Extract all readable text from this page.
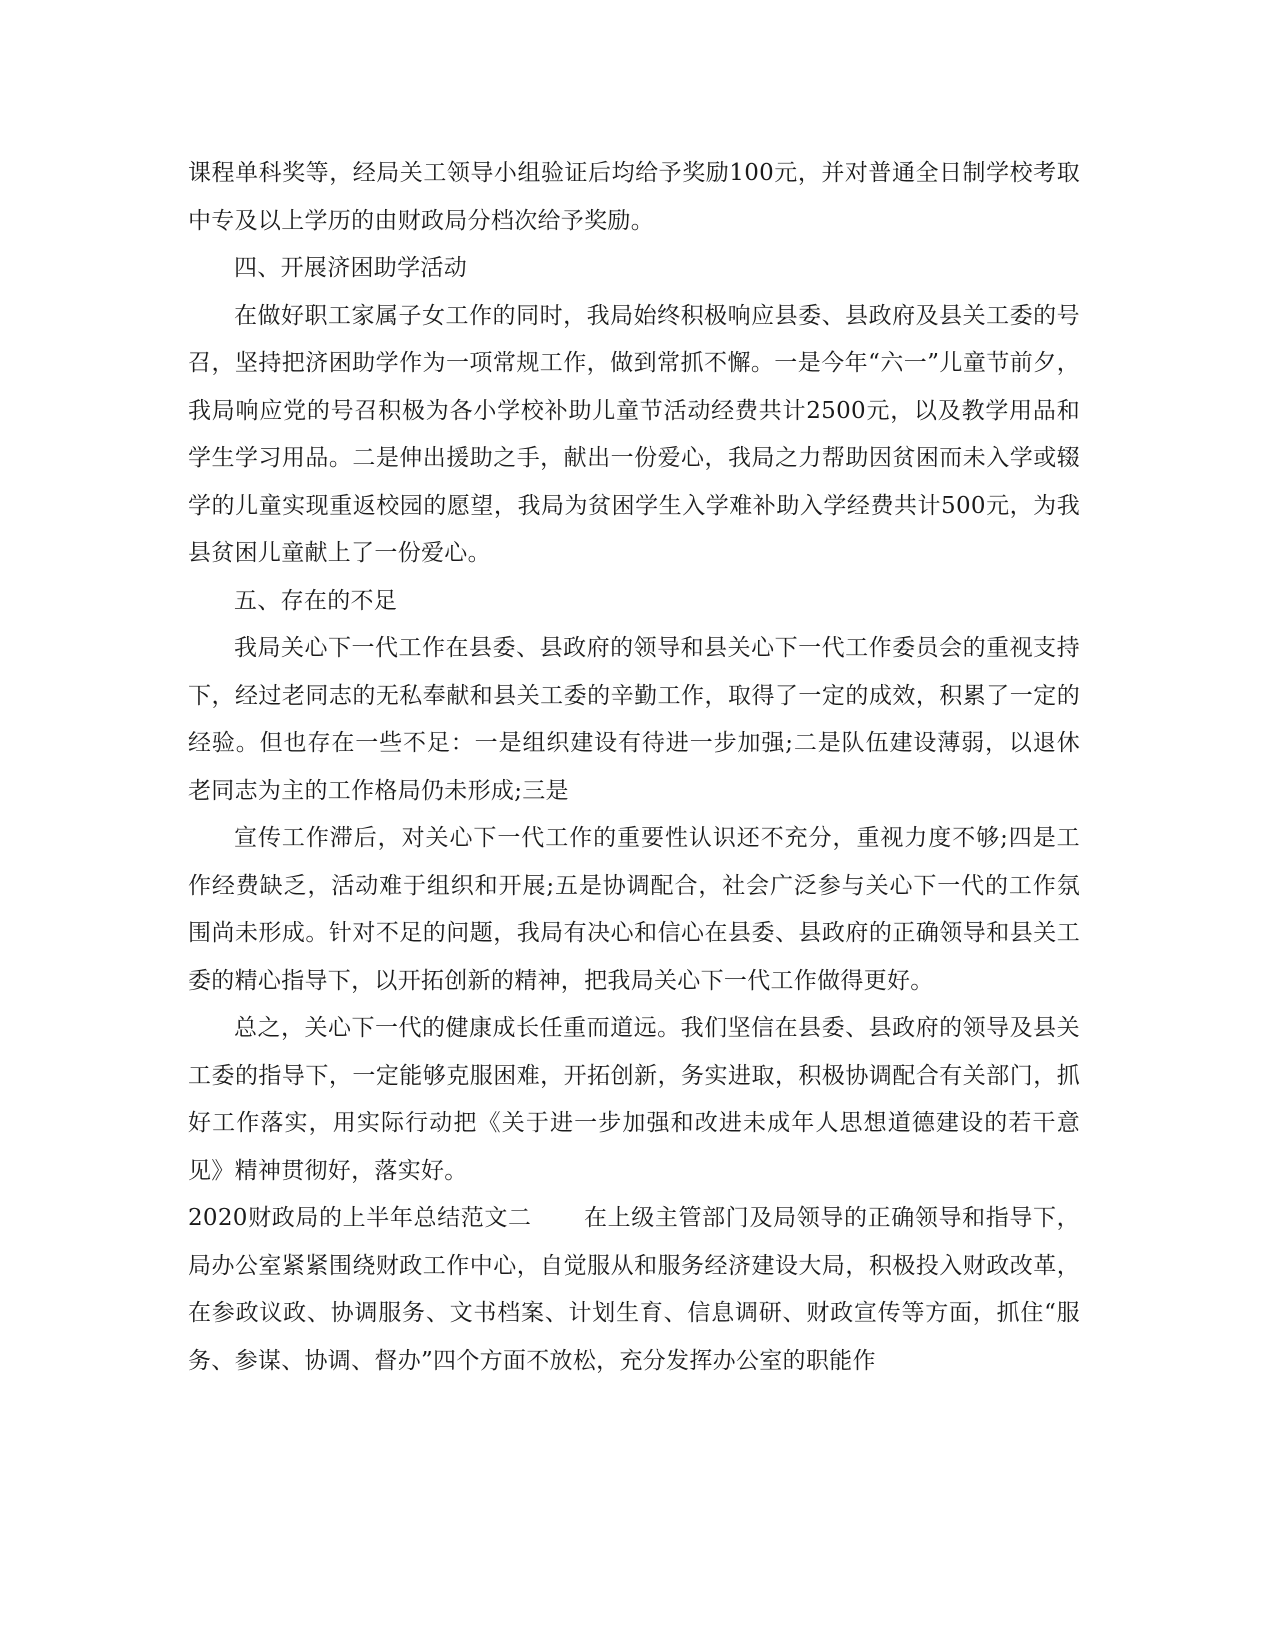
课程单科奖等，经局关工领导小组验证后均给予奖励100元，并对普通全日制学校考取中专及以上学历的由财政局分档次给予奖励。

四、开展济困助学活动

在做好职工家属子女工作的同时，我局始终积极响应县委、县政府及县关工委的号召，坚持把济困助学作为一项常规工作，做到常抓不懈。一是今年“六一”儿童节前夕，我局响应党的号召积极为各小学校补助儿童节活动经费共计2500元，以及教学用品和学生学习用品。二是伸出援助之手，献出一份爱心，我局之力帮助因贫困而未入学或辍学的儿童实现重返校园的愿望，我局为贫困学生入学难补助入学经费共计500元，为我县贫困儿童献上了一份爱心。

五、存在的不足

我局关心下一代工作在县委、县政府的领导和县关心下一代工作委员会的重视支持下，经过老同志的无私奉献和县关工委的辛勤工作，取得了一定的成效，积累了一定的经验。但也存在一些不足：一是组织建设有待进一步加强;二是队伍建设薄弱，以退休老同志为主的工作格局仍未形成;三是

宣传工作滞后，对关心下一代工作的重要性认识还不充分，重视力度不够;四是工作经费缺乏，活动难于组织和开展;五是协调配合，社会广泛参与关心下一代的工作氛围尚未形成。针对不足的问题，我局有决心和信心在县委、县政府的正确领导和县关工委的精心指导下，以开拓创新的精神，把我局关心下一代工作做得更好。

总之，关心下一代的健康成长任重而道远。我们坚信在县委、县政府的领导及县关工委的指导下，一定能够克服困难，开拓创新，务实进取，积极协调配合有关部门，抓好工作落实，用实际行动把《关于进一步加强和改进未成年人思想道德建设的若干意见》精神贯彻好，落实好。

2020财政局的上半年总结范文二 在上级主管部门及局领导的正确领导和指导下，局办公室紧紧围绕财政工作中心，自觉服从和服务经济建设大局，积极投入财政改革，在参政议政、协调服务、文书档案、计划生育、信息调研、财政宣传等方面，抓住“服务、参谋、协调、督办”四个方面不放松，充分发挥办公室的职能作
